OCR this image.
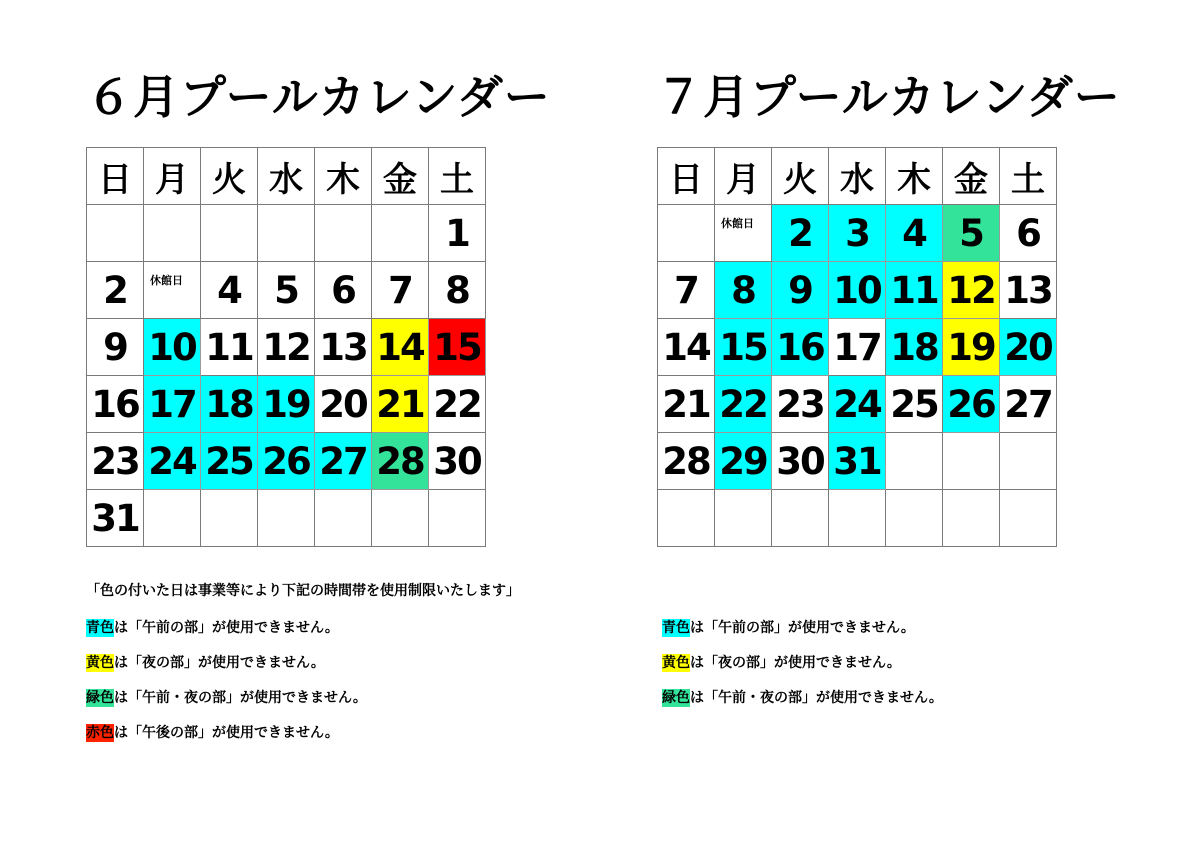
６月プールカレンダー ７月プールカレンダー
日	月	火	水	木	金	土
						1
2	休館日	4	5	6	7	8
9	10	11	12	13	14	15
16	17	18	19	20	21	22
23	24	25	26	27	28	30
31						
日	月	火	水	木	金	土

	休館日	2	3	4	5	6
7	8	9	10	11	12	13
14	15	16	17	18	19	20
21	22	23	24	25	26	27
28	29	30	31			

「色の付いた日は事業等により下記の時間帯を使用制限いたします」
青色は「午前の部」が使用できません。
黄色は「夜の部」が使用できません。
緑色は「午前・夜の部」が使用できません。
赤色は「午後の部」が使用できません。
青色は「午前の部」が使用できません。
黄色は「夜の部」が使用できません。
緑色は「午前・夜の部」が使用できません。
